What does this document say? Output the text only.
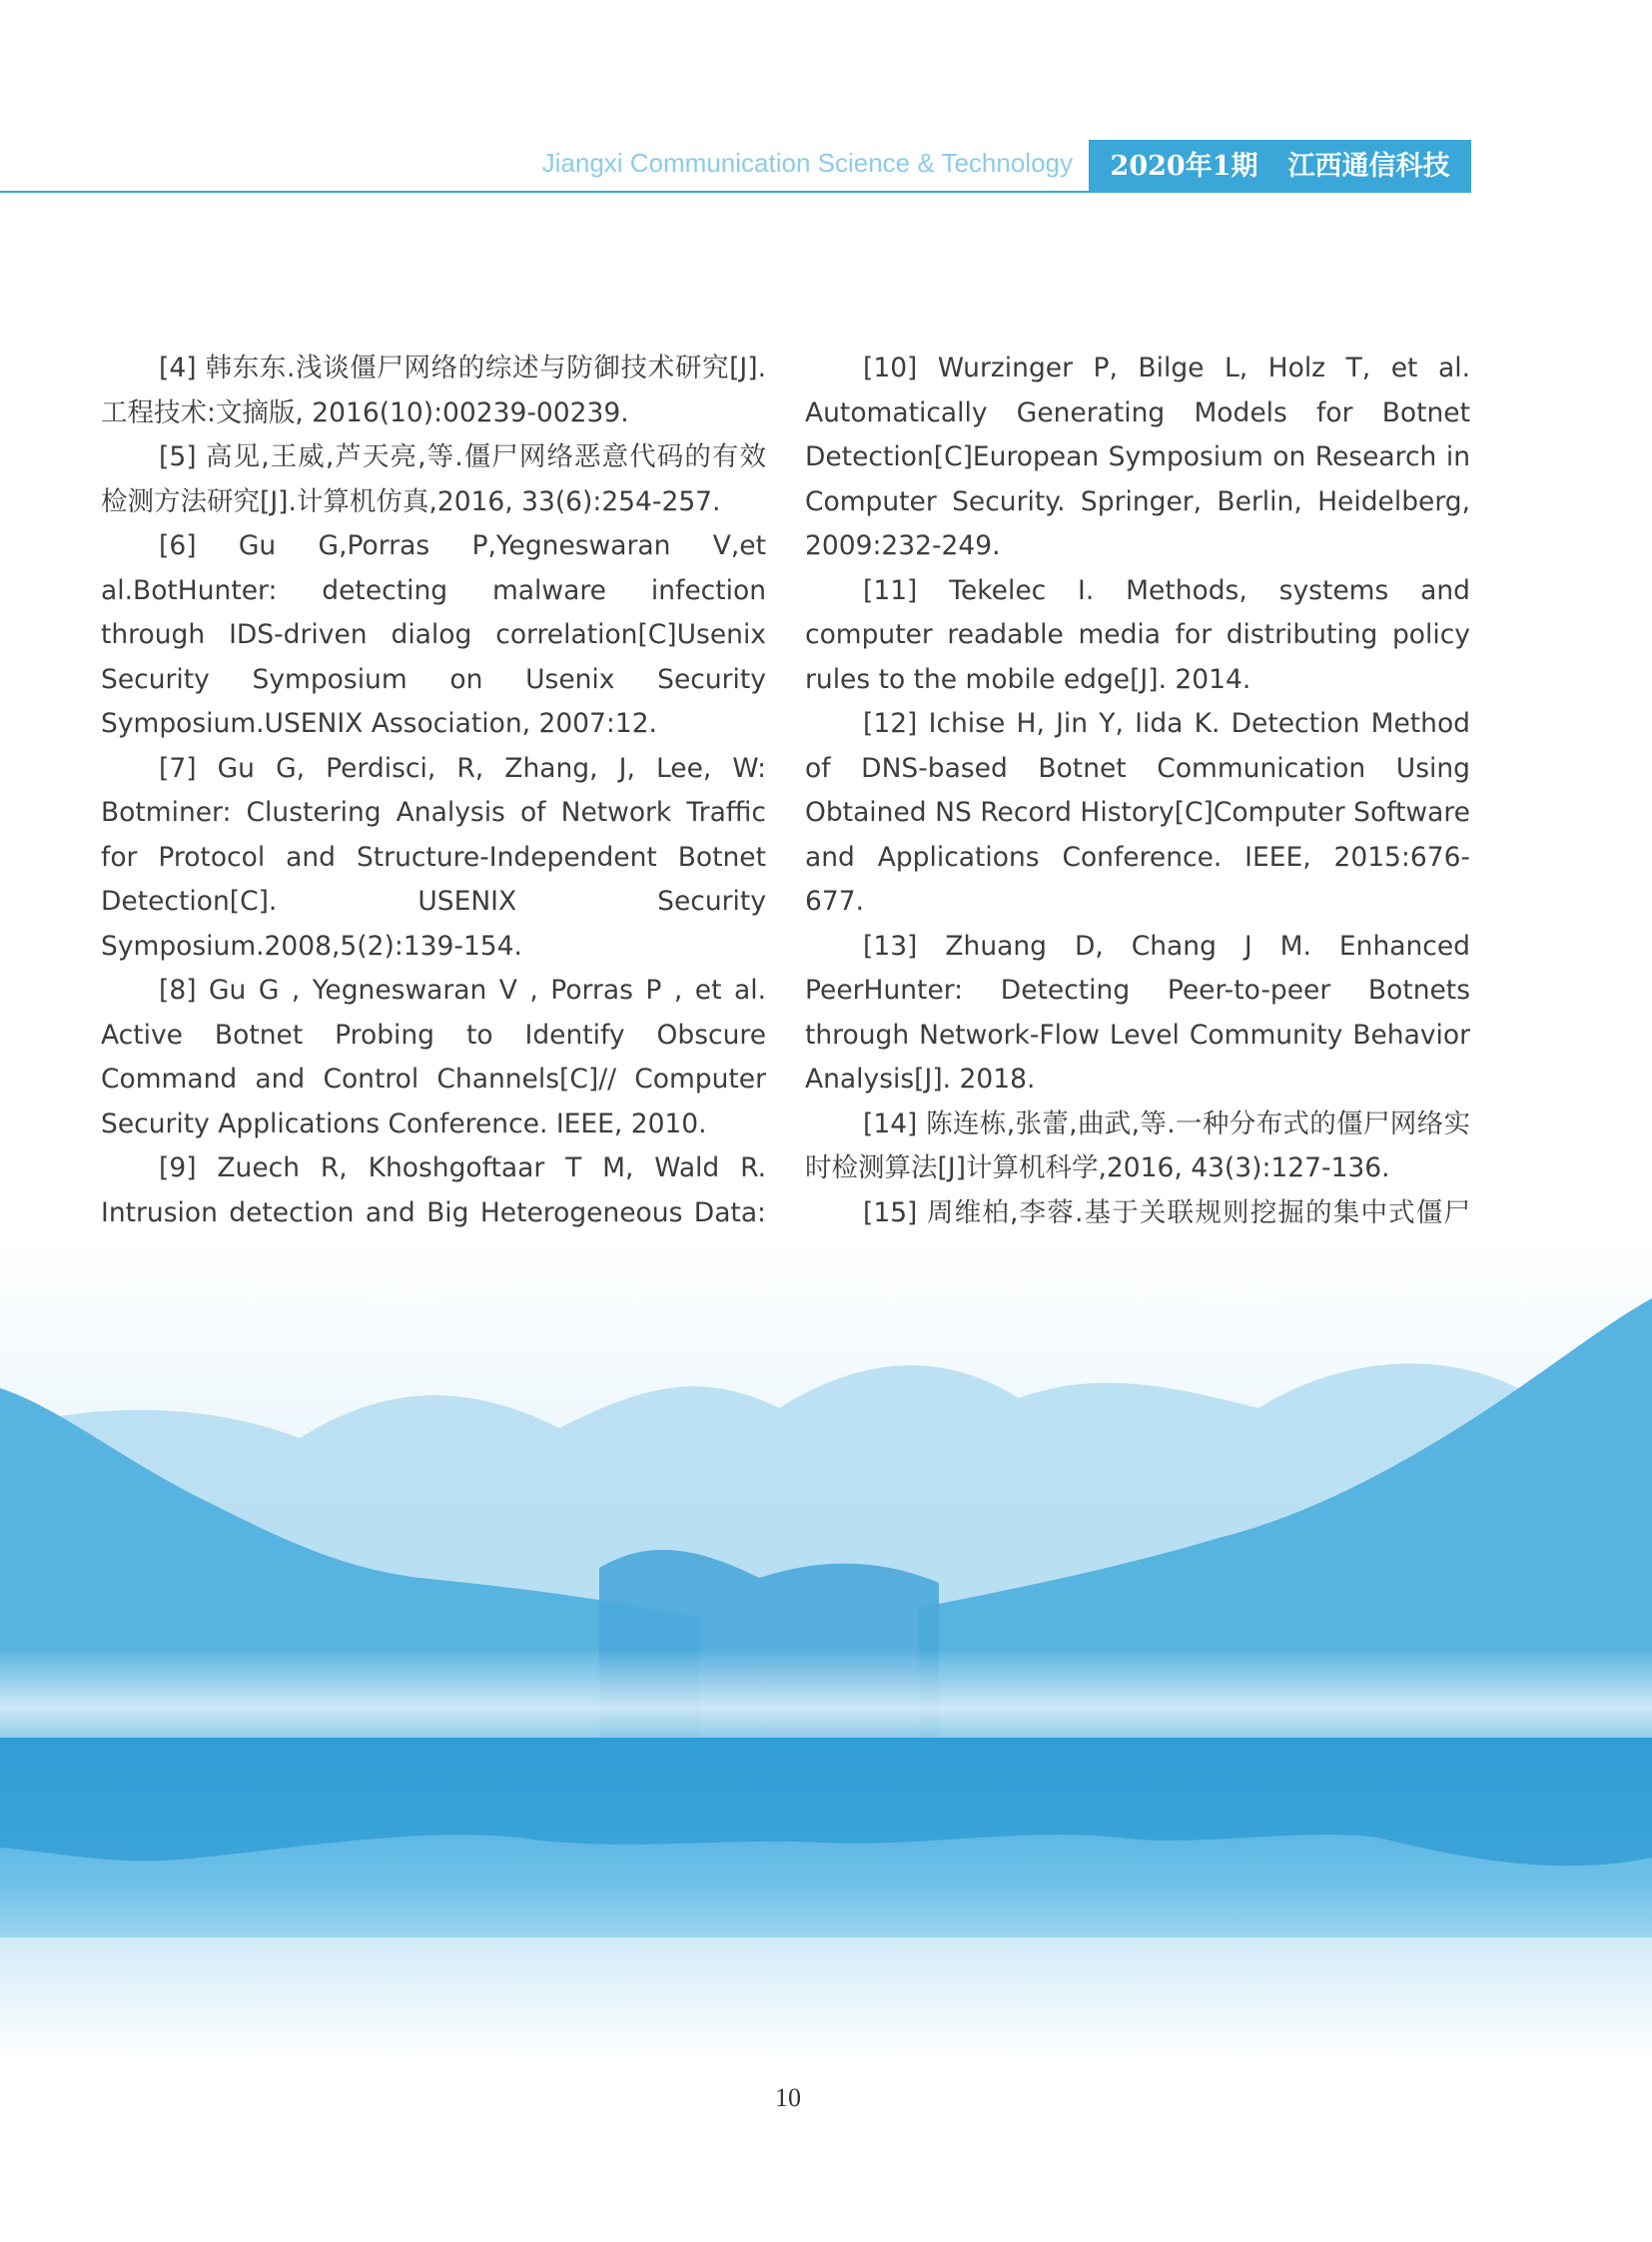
Jiangxi Communication Science & Technology	2020年1期 江西通信科技

[4] 韩东东.浅谈僵尸网络的综述与防御技术研究[J].工程技术:文摘版, 2016(10):00239-00239.

[5] 高见,王威,芦天亮,等.僵尸网络恶意代码的有效检测方法研究[J].计算机仿真,2016, 33(6):254-257.

[6] Gu G,Porras P,Yegneswaran V,et al.BotHunter: detecting malware infection through IDS-driven dialog correlation[C]Usenix Security Symposium on Usenix Security Symposium.USENIX Association, 2007:12.

[7] Gu G, Perdisci, R, Zhang, J, Lee, W: Botminer: Clustering Analysis of Network Traffic for Protocol and Structure-Independent Botnet Detection[C]. USENIX Security Symposium.2008,5(2):139-154.

[8] Gu G , Yegneswaran V , Porras P , et al. Active Botnet Probing to Identify Obscure Command and Control Channels[C]// Computer Security Applications Conference. IEEE, 2010.

[9] Zuech R, Khoshgoftaar T M, Wald R. Intrusion detection and Big Heterogeneous Data:

[10] Wurzinger P, Bilge L, Holz T, et al. Automatically Generating Models for Botnet Detection[C]European Symposium on Research in Computer Security. Springer, Berlin, Heidelberg, 2009:232-249.

[11] Tekelec I. Methods, systems and computer readable media for distributing policy rules to the mobile edge[J]. 2014.

[12] Ichise H, Jin Y, Iida K. Detection Method of DNS-based Botnet Communication Using Obtained NS Record History[C]Computer Software and Applications Conference. IEEE, 2015:676-677.

[13] Zhuang D, Chang J M. Enhanced PeerHunter: Detecting Peer-to-peer Botnets through Network-Flow Level Community Behavior Analysis[J]. 2018.

[14] 陈连栋,张蕾,曲武,等.一种分布式的僵尸网络实时检测算法[J]计算机科学,2016, 43(3):127-136.

[15] 周维柏,李蓉.基于关联规则挖掘的集中式僵尸

10
